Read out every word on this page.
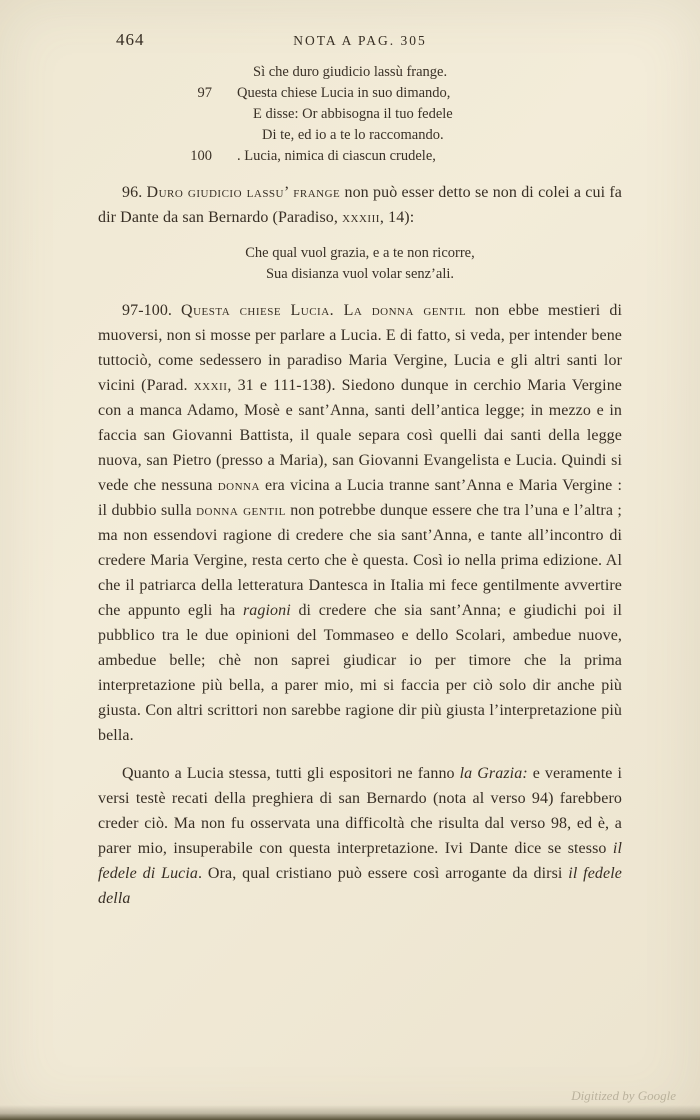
464	NOTA A PAG. 305
Sì che duro giudicio lassù frange.
97 Questa chiese Lucia in suo dimando,
E disse: Or abbisogna il tuo fedele
Di te, ed io a te lo raccomando.
100 . Lucia, nimica di ciascun crudele,

96. Duro giudicio lassu’ frange non può esser detto se non di colei a cui fa dir Dante da san Bernardo (Paradiso, xxxiii, 14):

Che qual vuol grazia, e a te non ricorre,
Sua disianza vuol volar senz’ali.

97-100. Questa chiese Lucia. La donna gentil non ebbe mestieri di muoversi, non si mosse per parlare a Lucia. E di fatto, si veda, per intender bene tuttociò, come sedessero in paradiso Maria Vergine, Lucia e gli altri santi lor vicini (Parad. xxxii, 31 e 111-138). Siedono dunque in cerchio Maria Vergine con a manca Adamo, Mosè e sant’Anna, santi dell’antica legge; in mezzo e in faccia san Giovanni Battista, il quale separa così quelli dai santi della legge nuova, san Pietro (presso a Maria), san Giovanni Evangelista e Lucia. Quindi si vede che nessuna donna era vicina a Lucia tranne sant’Anna e Maria Vergine : il dubbio sulla donna gentil non potrebbe dunque essere che tra l’una e l’altra ; ma non essendovi ragione di credere che sia sant’Anna, e tante all’incontro di credere Maria Vergine, resta certo che è questa. Così io nella prima edizione. Al che il patriarca della letteratura Dantesca in Italia mi fece gentilmente avvertire che appunto egli ha ragioni di credere che sia sant’Anna; e giudichi poi il pubblico tra le due opinioni del Tommaseo e dello Scolari, ambedue nuove, ambedue belle; chè non saprei giudicar io per timore che la prima interpretazione più bella, a parer mio, mi si faccia per ciò solo dir anche più giusta. Con altri scrittori non sarebbe ragione dir più giusta l’interpretazione più bella.

Quanto a Lucia stessa, tutti gli espositori ne fanno la Grazia: e veramente i versi testè recati della preghiera di san Bernardo (nota al verso 94) farebbero creder ciò. Ma non fu osservata una difficoltà che risulta dal verso 98, ed è, a parer mio, insuperabile con questa interpretazione. Ivi Dante dice se stesso il fedele di Lucia. Ora, qual cristiano può essere così arrogante da dirsi il fedele della

Digitized by Google
